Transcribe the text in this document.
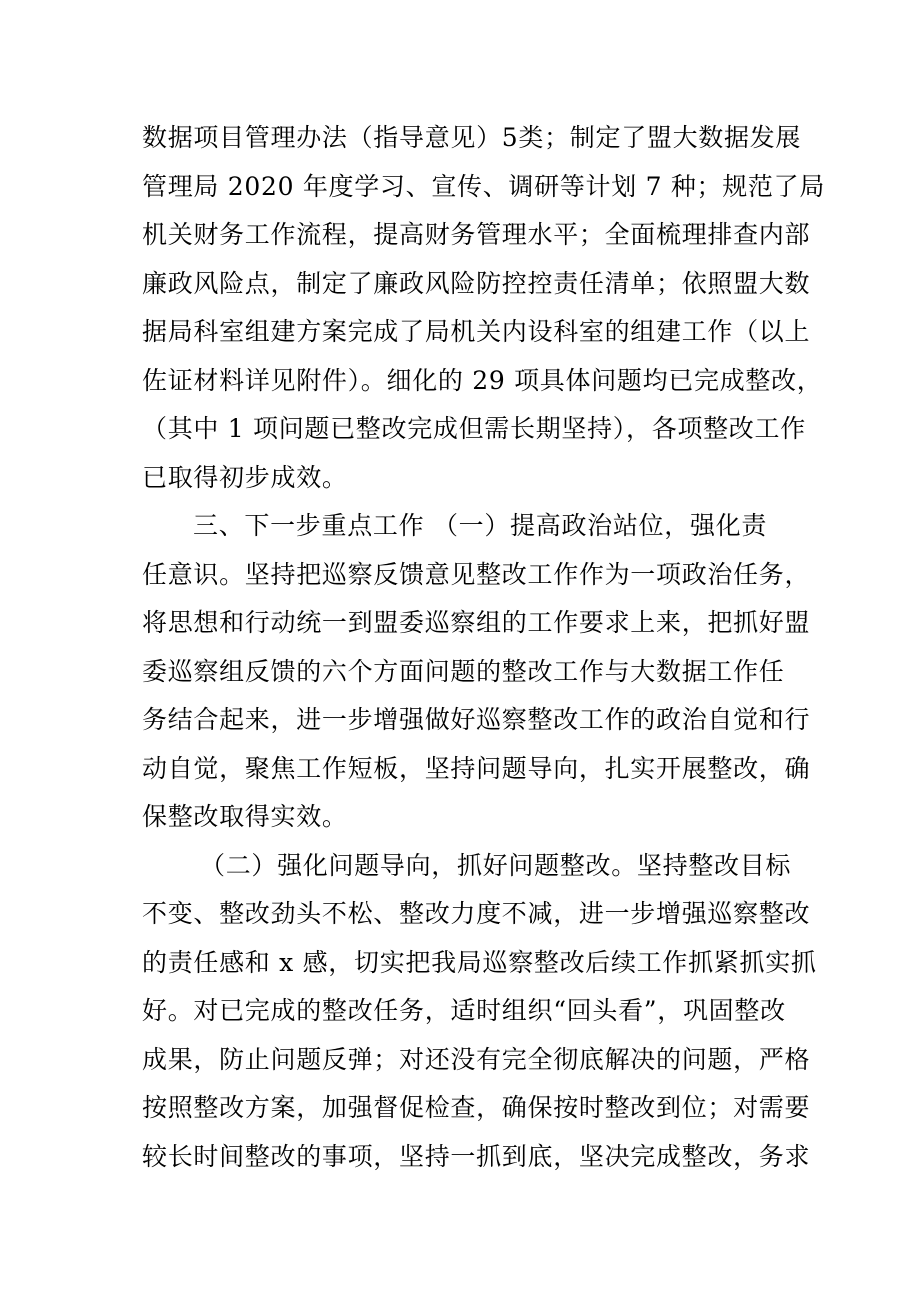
数据项目管理办法（指导意见）5类；制定了盟大数据发展
管理局 2020 年度学习、宣传、调研等计划 7 种；规范了局
机关财务工作流程，提高财务管理水平；全面梳理排查内部
廉政风险点，制定了廉政风险防控控责任清单；依照盟大数
据局科室组建方案完成了局机关内设科室的组建工作（以上
佐证材料详见附件）。细化的 29 项具体问题均已完成整改，
（其中 1 项问题已整改完成但需长期坚持），各项整改工作
已取得初步成效。
三、下一步重点工作 （一）提高政治站位，强化责
任意识。坚持把巡察反馈意见整改工作作为一项政治任务，
将思想和行动统一到盟委巡察组的工作要求上来，把抓好盟
委巡察组反馈的六个方面问题的整改工作与大数据工作任
务结合起来，进一步增强做好巡察整改工作的政治自觉和行
动自觉，聚焦工作短板，坚持问题导向，扎实开展整改，确
保整改取得实效。
（二）强化问题导向，抓好问题整改。坚持整改目标
不变、整改劲头不松、整改力度不减，进一步增强巡察整改
的责任感和 x 感，切实把我局巡察整改后续工作抓紧抓实抓
好。对已完成的整改任务，适时组织“回头看”，巩固整改
成果，防止问题反弹；对还没有完全彻底解决的问题，严格
按照整改方案，加强督促检查，确保按时整改到位；对需要
较长时间整改的事项，坚持一抓到底，坚决完成整改，务求
